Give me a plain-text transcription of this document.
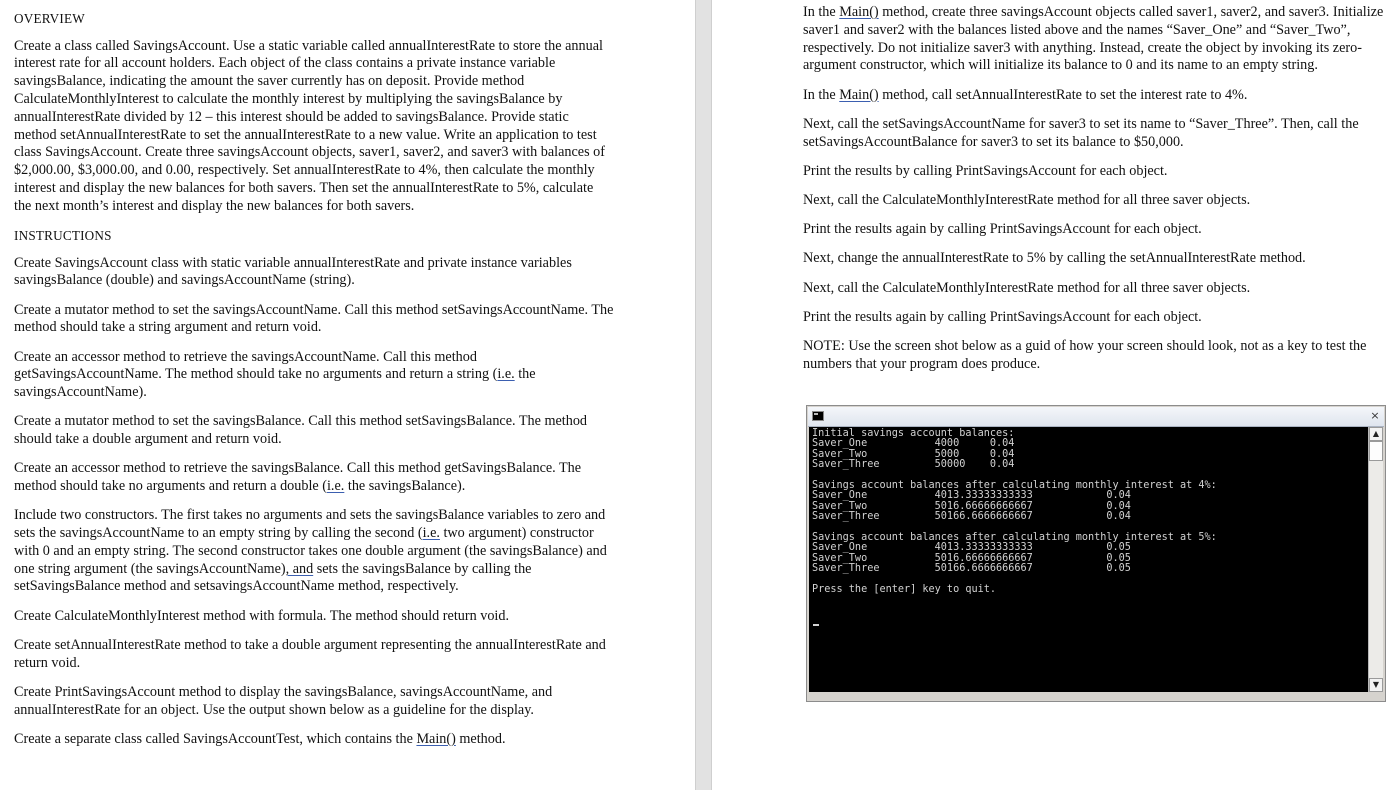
OVERVIEW
Create a class called SavingsAccount. Use a static variable called annualInterestRate to store the annual interest rate for all account holders. Each object of the class contains a private instance variable savingsBalance, indicating the amount the saver currently has on deposit. Provide method CalculateMonthlyInterest to calculate the monthly interest by multiplying the savingsBalance by annualInterestRate divided by 12 – this interest should be added to savingsBalance. Provide static method setAnnualInterestRate to set the annualInterestRate to a new value. Write an application to test class SavingsAccount. Create three savingsAccount objects, saver1, saver2, and saver3 with balances of $2,000.00, $3,000.00, and 0.00, respectively. Set annualInterestRate to 4%, then calculate the monthly interest and display the new balances for both savers. Then set the annualInterestRate to 5%, calculate the next month’s interest and display the new balances for both savers.
INSTRUCTIONS
Create SavingsAccount class with static variable annualInterestRate and private instance variables savingsBalance (double) and savingsAccountName (string).
Create a mutator method to set the savingsAccountName. Call this method setSavingsAccountName. The method should take a string argument and return void.
Create an accessor method to retrieve the savingsAccountName. Call this method getSavingsAccountName. The method should take no arguments and return a string (i.e. the savingsAccountName).
Create a mutator method to set the savingsBalance. Call this method setSavingsBalance. The method should take a double argument and return void.
Create an accessor method to retrieve the savingsBalance. Call this method getSavingsBalance. The method should take no arguments and return a double (i.e. the savingsBalance).
Include two constructors. The first takes no arguments and sets the savingsBalance variables to zero and sets the savingsAccountName to an empty string by calling the second (i.e. two argument) constructor with 0 and an empty string. The second constructor takes one double argument (the savingsBalance) and one string argument (the savingsAccountName), and sets the savingsBalance by calling the setSavingsBalance method and setsavingsAccountName method, respectively.
Create CalculateMonthlyInterest method with formula. The method should return void.
Create setAnnualInterestRate method to take a double argument representing the annualInterestRate and return void.
Create PrintSavingsAccount method to display the savingsBalance, savingsAccountName, and annualInterestRate for an object. Use the output shown below as a guideline for the display.
Create a separate class called SavingsAccountTest, which contains the Main() method.
In the Main() method, create three savingsAccount objects called saver1, saver2, and saver3. Initialize saver1 and saver2 with the balances listed above and the names “Saver_One” and “Saver_Two”, respectively. Do not initialize saver3 with anything. Instead, create the object by invoking its zero-argument constructor, which will initialize its balance to 0 and its name to an empty string.
In the Main() method, call setAnnualInterestRate to set the interest rate to 4%.
Next, call the setSavingsAccountName for saver3 to set its name to “Saver_Three”. Then, call the setSavingsAccountBalance for saver3 to set its balance to $50,000.
Print the results by calling PrintSavingsAccount for each object.
Next, call the CalculateMonthlyInterestRate method for all three saver objects.
Print the results again by calling PrintSavingsAccount for each object.
Next, change the annualInterestRate to 5% by calling the setAnnualInterestRate method.
Next, call the CalculateMonthlyInterestRate method for all three saver objects.
Print the results again by calling PrintSavingsAccount for each object.
NOTE: Use the screen shot below as a guid of how your screen should look, not as a key to test the numbers that your program does produce.
×
Initial savings account balances:
Saver_One           4000     0.04
Saver_Two           5000     0.04
Saver_Three         50000    0.04

Savings account balances after calculating monthly interest at 4%:
Saver_One           4013.33333333333            0.04
Saver_Two           5016.66666666667            0.04
Saver_Three         50166.6666666667            0.04

Savings account balances after calculating monthly interest at 5%:
Saver_One           4013.33333333333            0.05
Saver_Two           5016.66666666667            0.05
Saver_Three         50166.6666666667            0.05

Press the [enter] key to quit.
▲
▼
